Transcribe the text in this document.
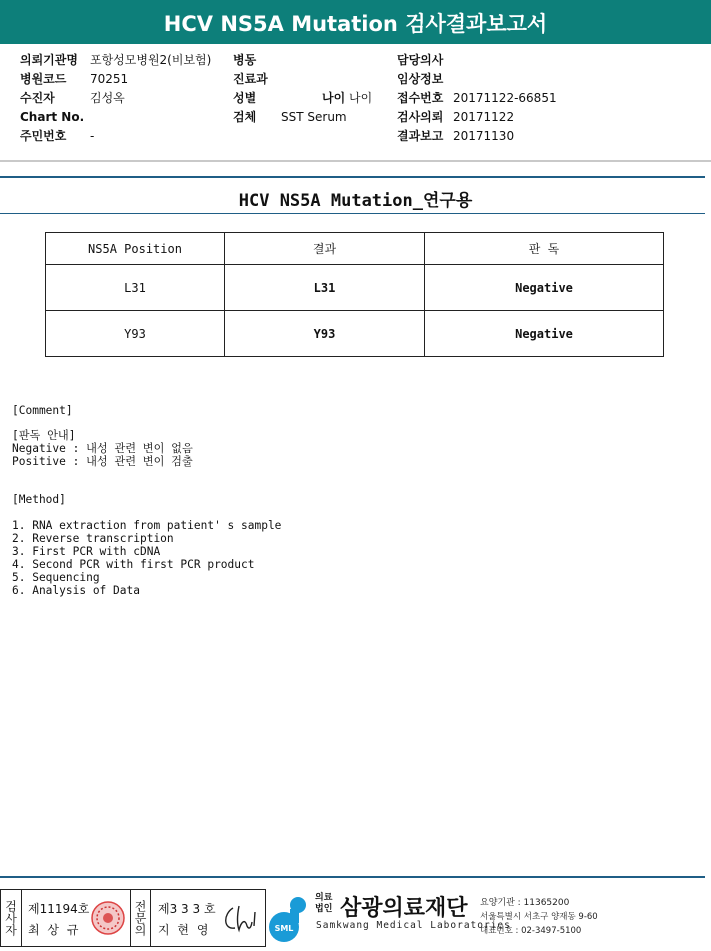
HCV NS5A Mutation 검사결과보고서
의뢰기관명 포항성모병원2(비보험)
병원코드 70251
수진자	김성옥
Chart No.
주민번호 -
병동
진료과
성별
검체 SST Serum
나이 나이
담당의사
임상정보
접수번호 20171122-66851
검사의뢰 20171122
결과보고 20171130
HCV NS5A Mutation_연구용
NS5A Position	결과	판 독
L31	L31	Negative
Y93	Y93	Negative
[Comment]
[판독 안내]
Negative : 내성 관련 변이 없음
Positive : 내성 관련 변이 검출
[Method]
1. RNA extraction from patient' s sample
2. Reverse transcription
3. First PCR with cDNA
4. Second PCR with first PCR product
5. Sequencing
6. Analysis of Data
검사자 제11194호
최 상 규	전문의 제3 3 3 호
지 현 영	SML
의료
법인 삼광의료재단
Samkwang Medical Laboratories
요양기관 : 11365200
서울특별시 서초구 양재동 9-60
대표번호 : 02-3497-5100
